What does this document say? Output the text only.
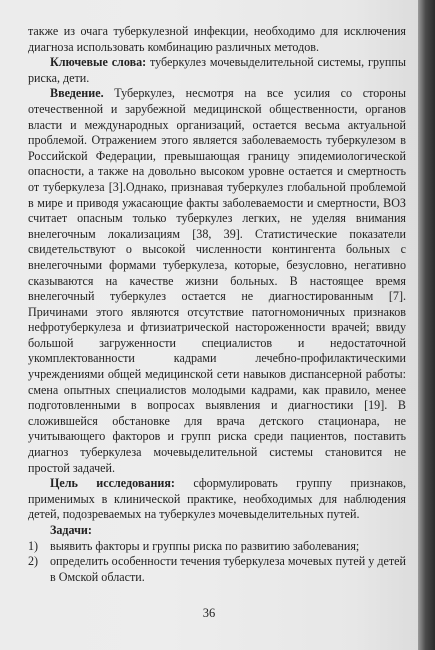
также из очага туберкулезной инфекции, необходимо для исключения диагноза использовать комбинацию различных методов.

Ключевые слова: туберкулез мочевыделительной системы, группы риска, дети.

Введение. Туберкулез, несмотря на все усилия со стороны отечественной и зарубежной медицинской общественности, органов власти и международных организаций, остается весьма актуальной проблемой. Отражением этого является заболеваемость туберкулезом в Российской Федерации, превышающая границу эпидемиологической опасности, а также на довольно высоком уровне остается и смертность от туберкулеза [3].Однако, признавая туберкулез глобальной проблемой в мире и приводя ужасающие факты заболеваемости и смертности, ВОЗ считает опасным только туберкулез легких, не уделяя внимания внелегочным локализациям [38, 39]. Статистические показатели свидетельствуют о высокой численности контингента больных с внелегочными формами туберкулеза, которые, безусловно, негативно сказываются на качестве жизни больных. В настоящее время внелегочный туберкулез остается не диагностированным [7]. Причинами этого являются отсутствие патогномоничных признаков нефротуберкулеза и фтизиатрической настороженности врачей; ввиду большой загруженности специалистов и недостаточной укомплектованности кадрами лечебно-профилактическими учреждениями общей медицинской сети навыков диспансерной работы: смена опытных специалистов молодыми кадрами, как правило, менее подготовленными в вопросах выявления и диагностики [19]. В сложившейся обстановке для врача детского стационара, не учитывающего факторов и групп риска среди пациентов, поставить диагноз туберкулеза мочевыделительной системы становится не простой задачей.

Цель исследования: сформулировать группу признаков, применимых в клинической практике, необходимых для наблюдения детей, подозреваемых на туберкулез мочевыделительных путей.

Задачи:

1) выявить факторы и группы риска по развитию заболевания;
2) определить особенности течения туберкулеза мочевых путей у детей в Омской области.
36
